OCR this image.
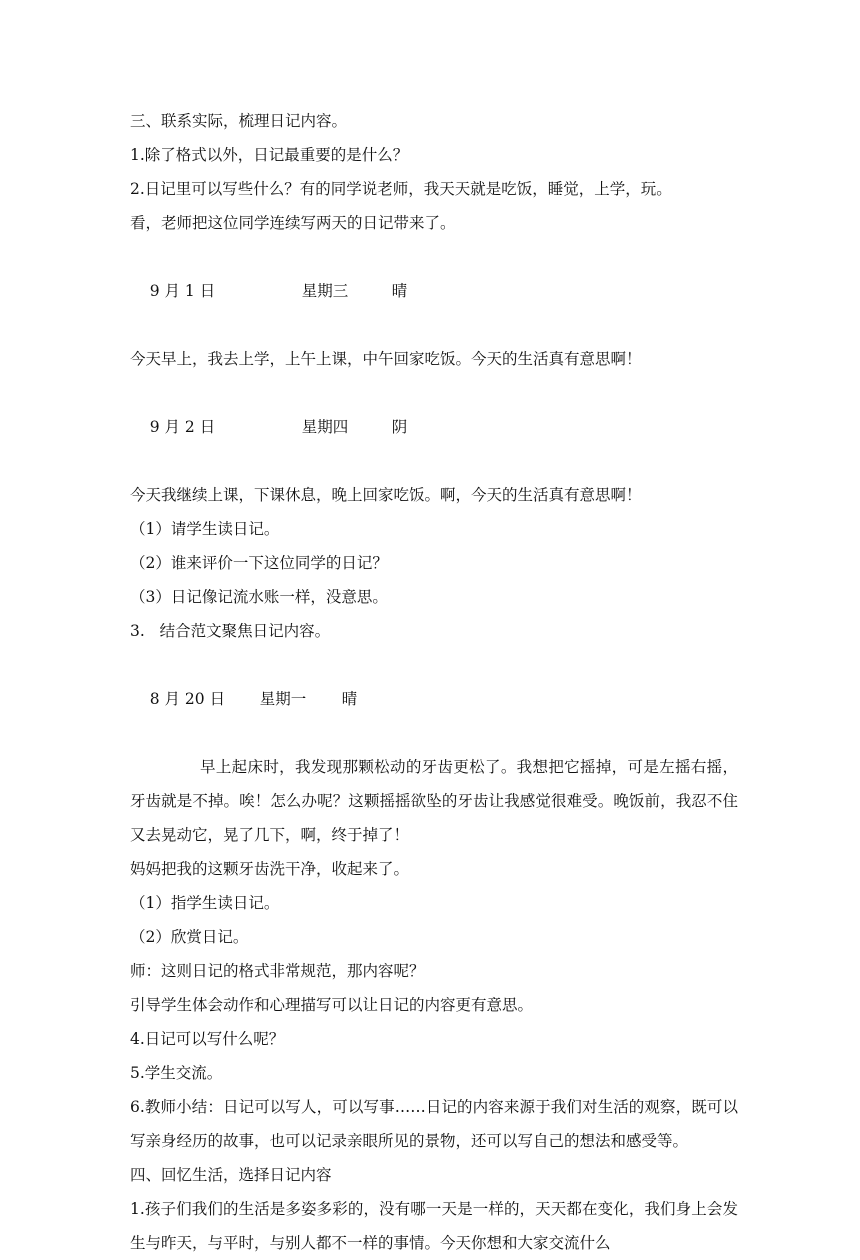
三、联系实际，梳理日记内容。
1.除了格式以外，日记最重要的是什么？
2.日记里可以写些什么？有的同学说老师，我天天就是吃饭，睡觉，上学，玩。
看，老师把这位同学连续写两天的日记带来了。

9 月 1 日	星期三	晴

今天早上，我去上学，上午上课，中午回家吃饭。今天的生活真有意思啊！

9 月 2 日	星期四	阴

今天我继续上课，下课休息，晚上回家吃饭。啊，今天的生活真有意思啊！
（1）请学生读日记。
（2）谁来评价一下这位同学的日记？
（3）日记像记流水账一样，没意思。
3.   结合范文聚焦日记内容。

8 月 20 日 星期一 晴

早上起床时，我发现那颗松动的牙齿更松了。我想把它摇掉，可是左摇右摇，牙齿就是不掉。唉！怎么办呢？这颗摇摇欲坠的牙齿让我感觉很难受。晚饭前，我忍不住又去晃动它，晃了几下，啊，终于掉了！
妈妈把我的这颗牙齿洗干净，收起来了。
（1）指学生读日记。
（2）欣赏日记。
师：这则日记的格式非常规范，那内容呢？
引导学生体会动作和心理描写可以让日记的内容更有意思。
4.日记可以写什么呢？
5.学生交流。
6.教师小结：日记可以写人，可以写事……日记的内容来源于我们对生活的观察，既可以写亲身经历的故事，也可以记录亲眼所见的景物，还可以写自己的想法和感受等。
四、回忆生活，选择日记内容
1.孩子们我们的生活是多姿多彩的，没有哪一天是一样的，天天都在变化，我们身上会发生与昨天，与平时，与别人都不一样的事情。今天你想和大家交流什么
